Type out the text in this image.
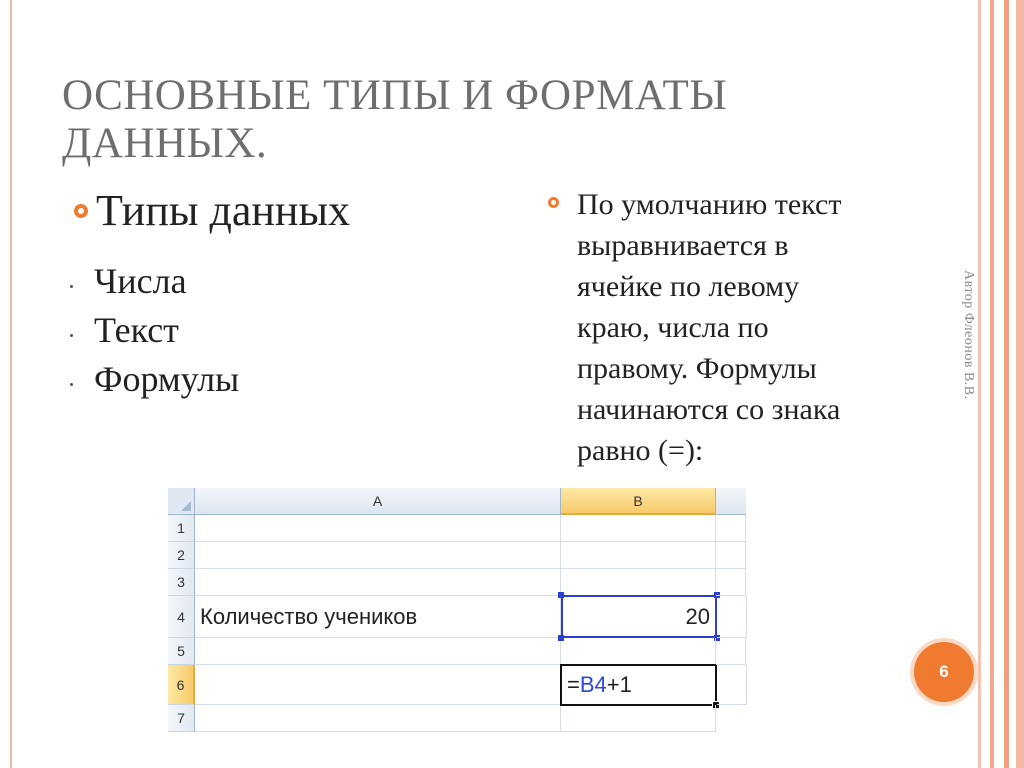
ОСНОВНЫЕ ТИПЫ И ФОРМАТЫ
ДАННЫХ.
Типы данных
Числа
Текст
Формулы
По умолчанию текст
выравнивается в
ячейке по левому
краю, числа по
правому. Формулы
начинаются со знака
равно (=):
Автор Флеонов В.В.
6
A	B
1
2
3
4
5
6
7
Количество учеников	20
= B4 +1
